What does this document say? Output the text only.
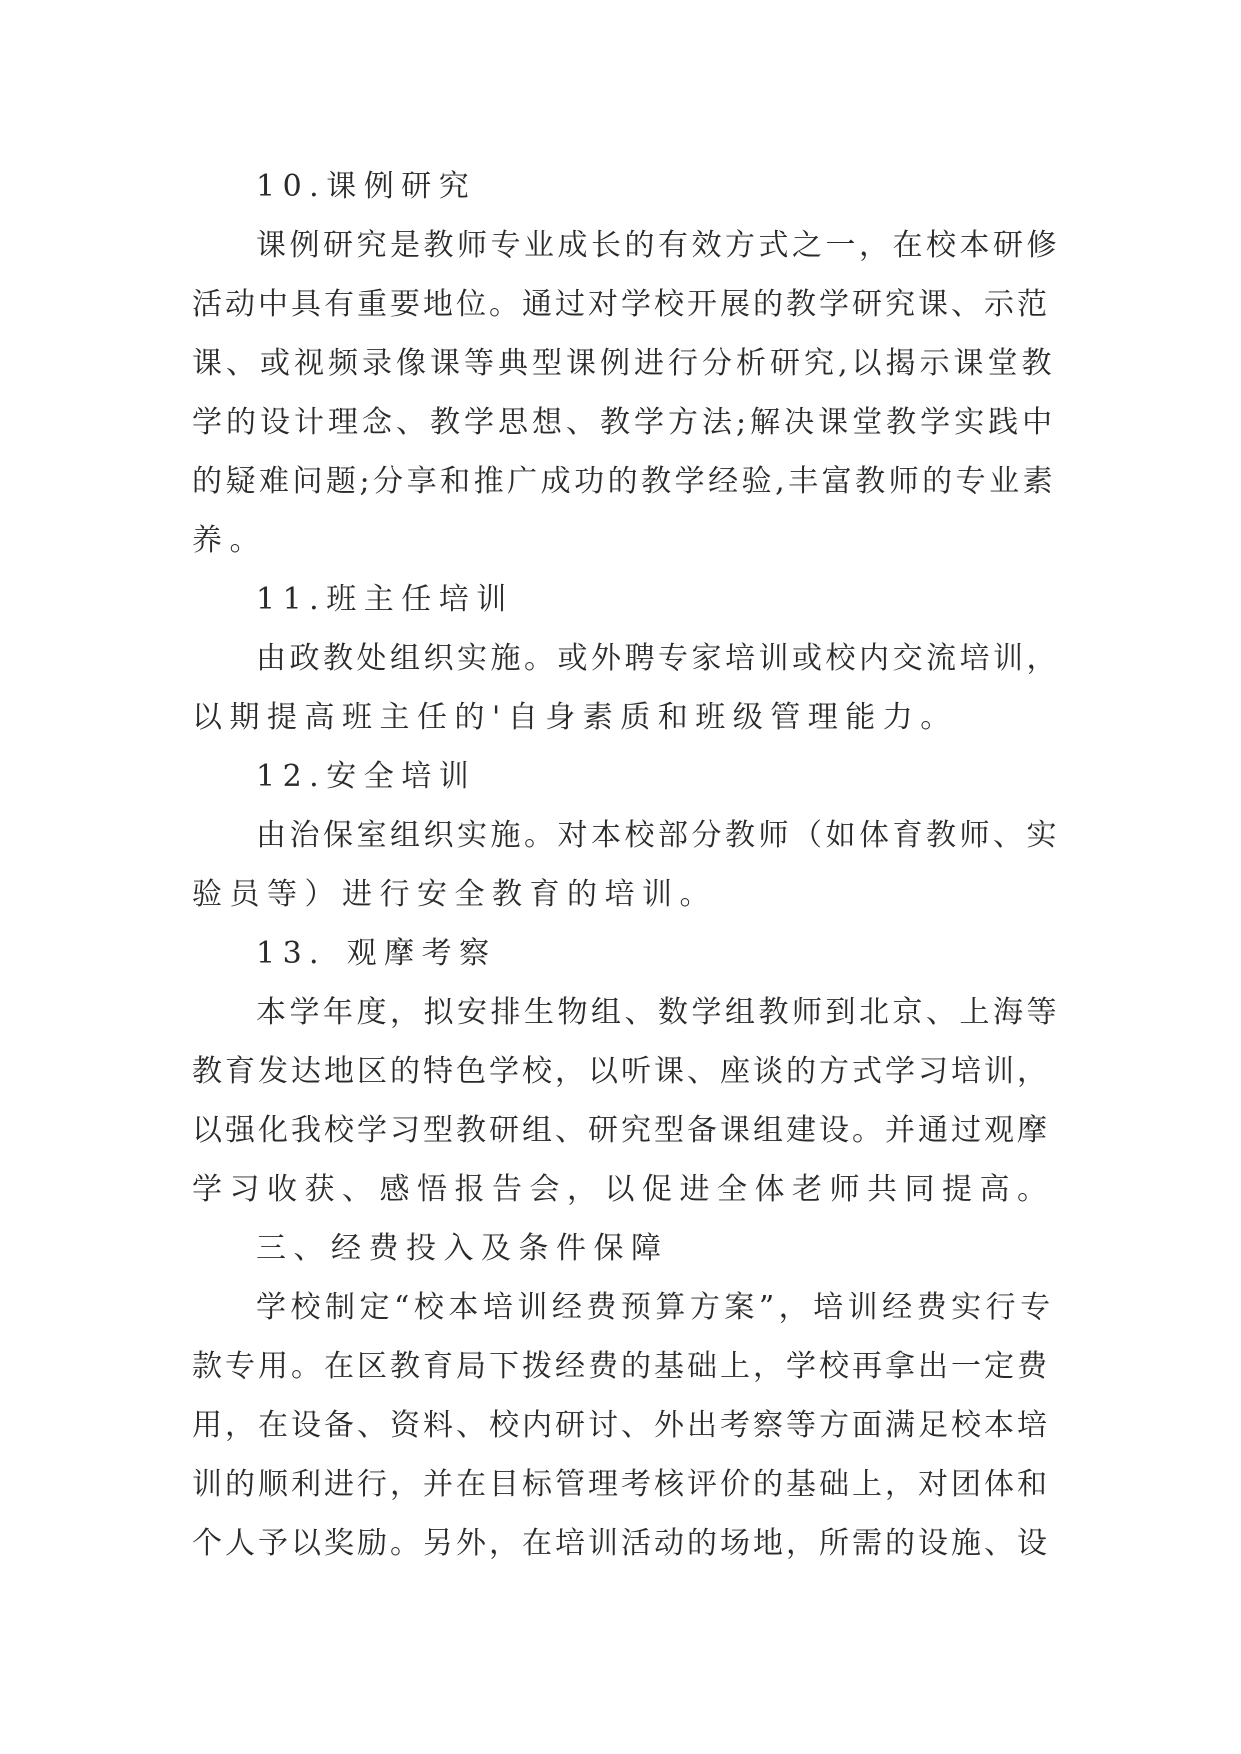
10.课例研究

课例研究是教师专业成长的有效方式之一，在校本研修

活动中具有重要地位。通过对学校开展的教学研究课、示范

课、或视频录像课等典型课例进行分析研究,以揭示课堂教

学的设计理念、教学思想、教学方法;解决课堂教学实践中

的疑难问题;分享和推广成功的教学经验,丰富教师的专业素

养。

11.班主任培训

由政教处组织实施。或外聘专家培训或校内交流培训，

以期提高班主任的'自身素质和班级管理能力。

12.安全培训

由治保室组织实施。对本校部分教师（如体育教师、实

验员等）进行安全教育的培训。

13．观摩考察

本学年度，拟安排生物组、数学组教师到北京、上海等

教育发达地区的特色学校，以听课、座谈的方式学习培训，

以强化我校学习型教研组、研究型备课组建设。并通过观摩

学习收获、感悟报告会，以促进全体老师共同提高。

三、经费投入及条件保障

学校制定“校本培训经费预算方案”，培训经费实行专

款专用。在区教育局下拨经费的基础上，学校再拿出一定费

用，在设备、资料、校内研讨、外出考察等方面满足校本培

训的顺利进行，并在目标管理考核评价的基础上，对团体和

个人予以奖励。另外，在培训活动的场地，所需的设施、设
